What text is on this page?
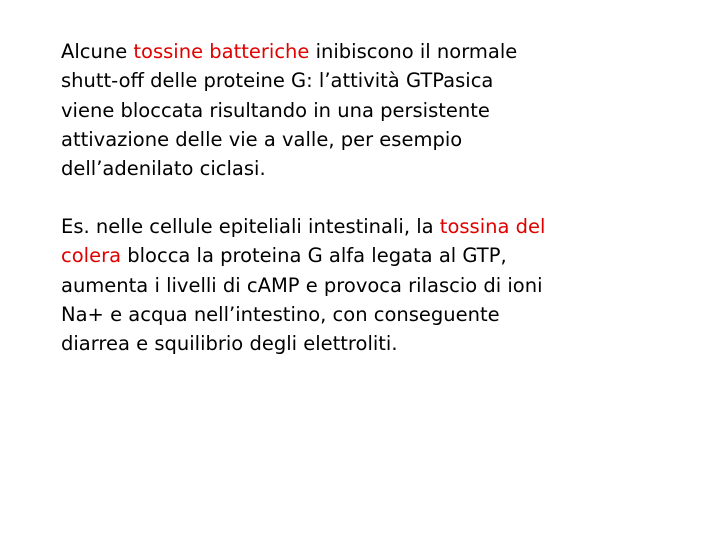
Alcune tossine batteriche inibiscono il normale
shutt-off delle proteine G: l’attività GTPasica
viene bloccata risultando in una persistente
attivazione delle vie a valle, per esempio
dell’adenilato ciclasi.

Es. nelle cellule epiteliali intestinali, la tossina del
colera blocca la proteina G alfa legata al GTP,
aumenta i livelli di cAMP e provoca rilascio di ioni
Na+ e acqua nell’intestino, con conseguente
diarrea e squilibrio degli elettroliti.
